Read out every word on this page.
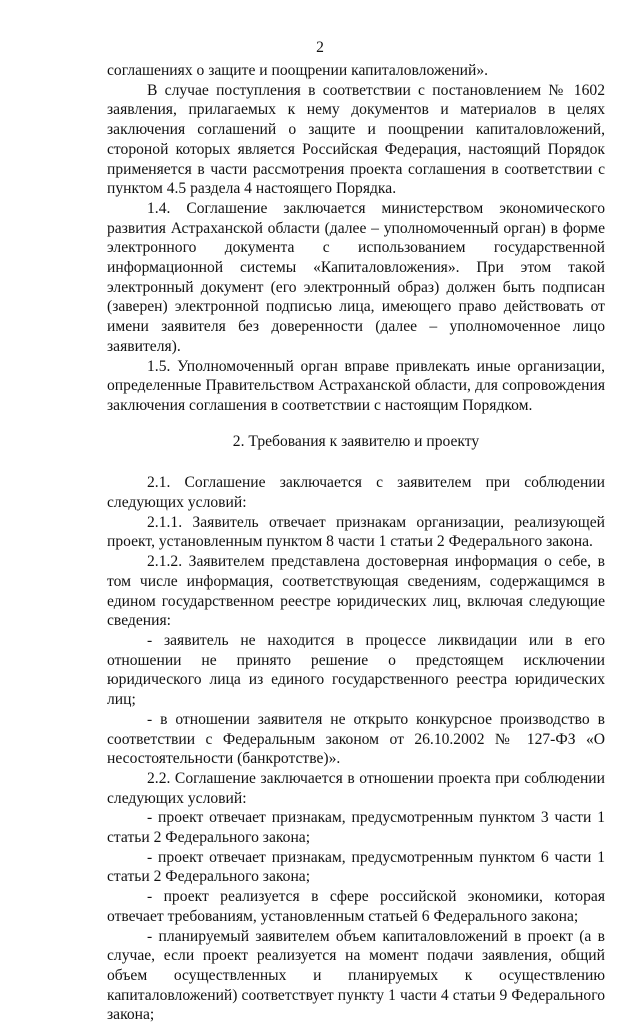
2

соглашениях о защите и поощрении капиталовложений».

В случае поступления в соответствии с постановлением № 1602 заявления, прилагаемых к нему документов и материалов в целях заключения соглашений о защите и поощрении капиталовложений, стороной которых является Российская Федерация, настоящий Порядок применяется в части рассмотрения проекта соглашения в соответствии с пунктом 4.5 раздела 4 настоящего Порядка.

1.4. Соглашение заключается министерством экономического развития Астраханской области (далее – уполномоченный орган) в форме электронного документа с использованием государственной информационной системы «Капиталовложения». При этом такой электронный документ (его электронный образ) должен быть подписан (заверен) электронной подписью лица, имеющего право действовать от имени заявителя без доверенности (далее – уполномоченное лицо заявителя).

1.5. Уполномоченный орган вправе привлекать иные организации, определенные Правительством Астраханской области, для сопровождения заключения соглашения в соответствии с настоящим Порядком.

2. Требования к заявителю и проекту

2.1. Соглашение заключается с заявителем при соблюдении следующих условий:

2.1.1. Заявитель отвечает признакам организации, реализующей проект, установленным пунктом 8 части 1 статьи 2 Федерального закона.

2.1.2. Заявителем представлена достоверная информация о себе, в том числе информация, соответствующая сведениям, содержащимся в едином государственном реестре юридических лиц, включая следующие сведения:

- заявитель не находится в процессе ликвидации или в его отношении не принято решение о предстоящем исключении юридического лица из единого государственного реестра юридических лиц;

- в отношении заявителя не открыто конкурсное производство в соответствии с Федеральным законом от 26.10.2002 № 127-ФЗ «О несостоятельности (банкротстве)».

2.2. Соглашение заключается в отношении проекта при соблюдении следующих условий:

- проект отвечает признакам, предусмотренным пунктом 3 части 1 статьи 2 Федерального закона;

- проект отвечает признакам, предусмотренным пунктом 6 части 1 статьи 2 Федерального закона;

- проект реализуется в сфере российской экономики, которая отвечает требованиям, установленным статьей 6 Федерального закона;

- планируемый заявителем объем капиталовложений в проект (а в случае, если проект реализуется на момент подачи заявления, общий объем осуществленных и планируемых к осуществлению капиталовложений) соответствует пункту 1 части 4 статьи 9 Федерального закона;
